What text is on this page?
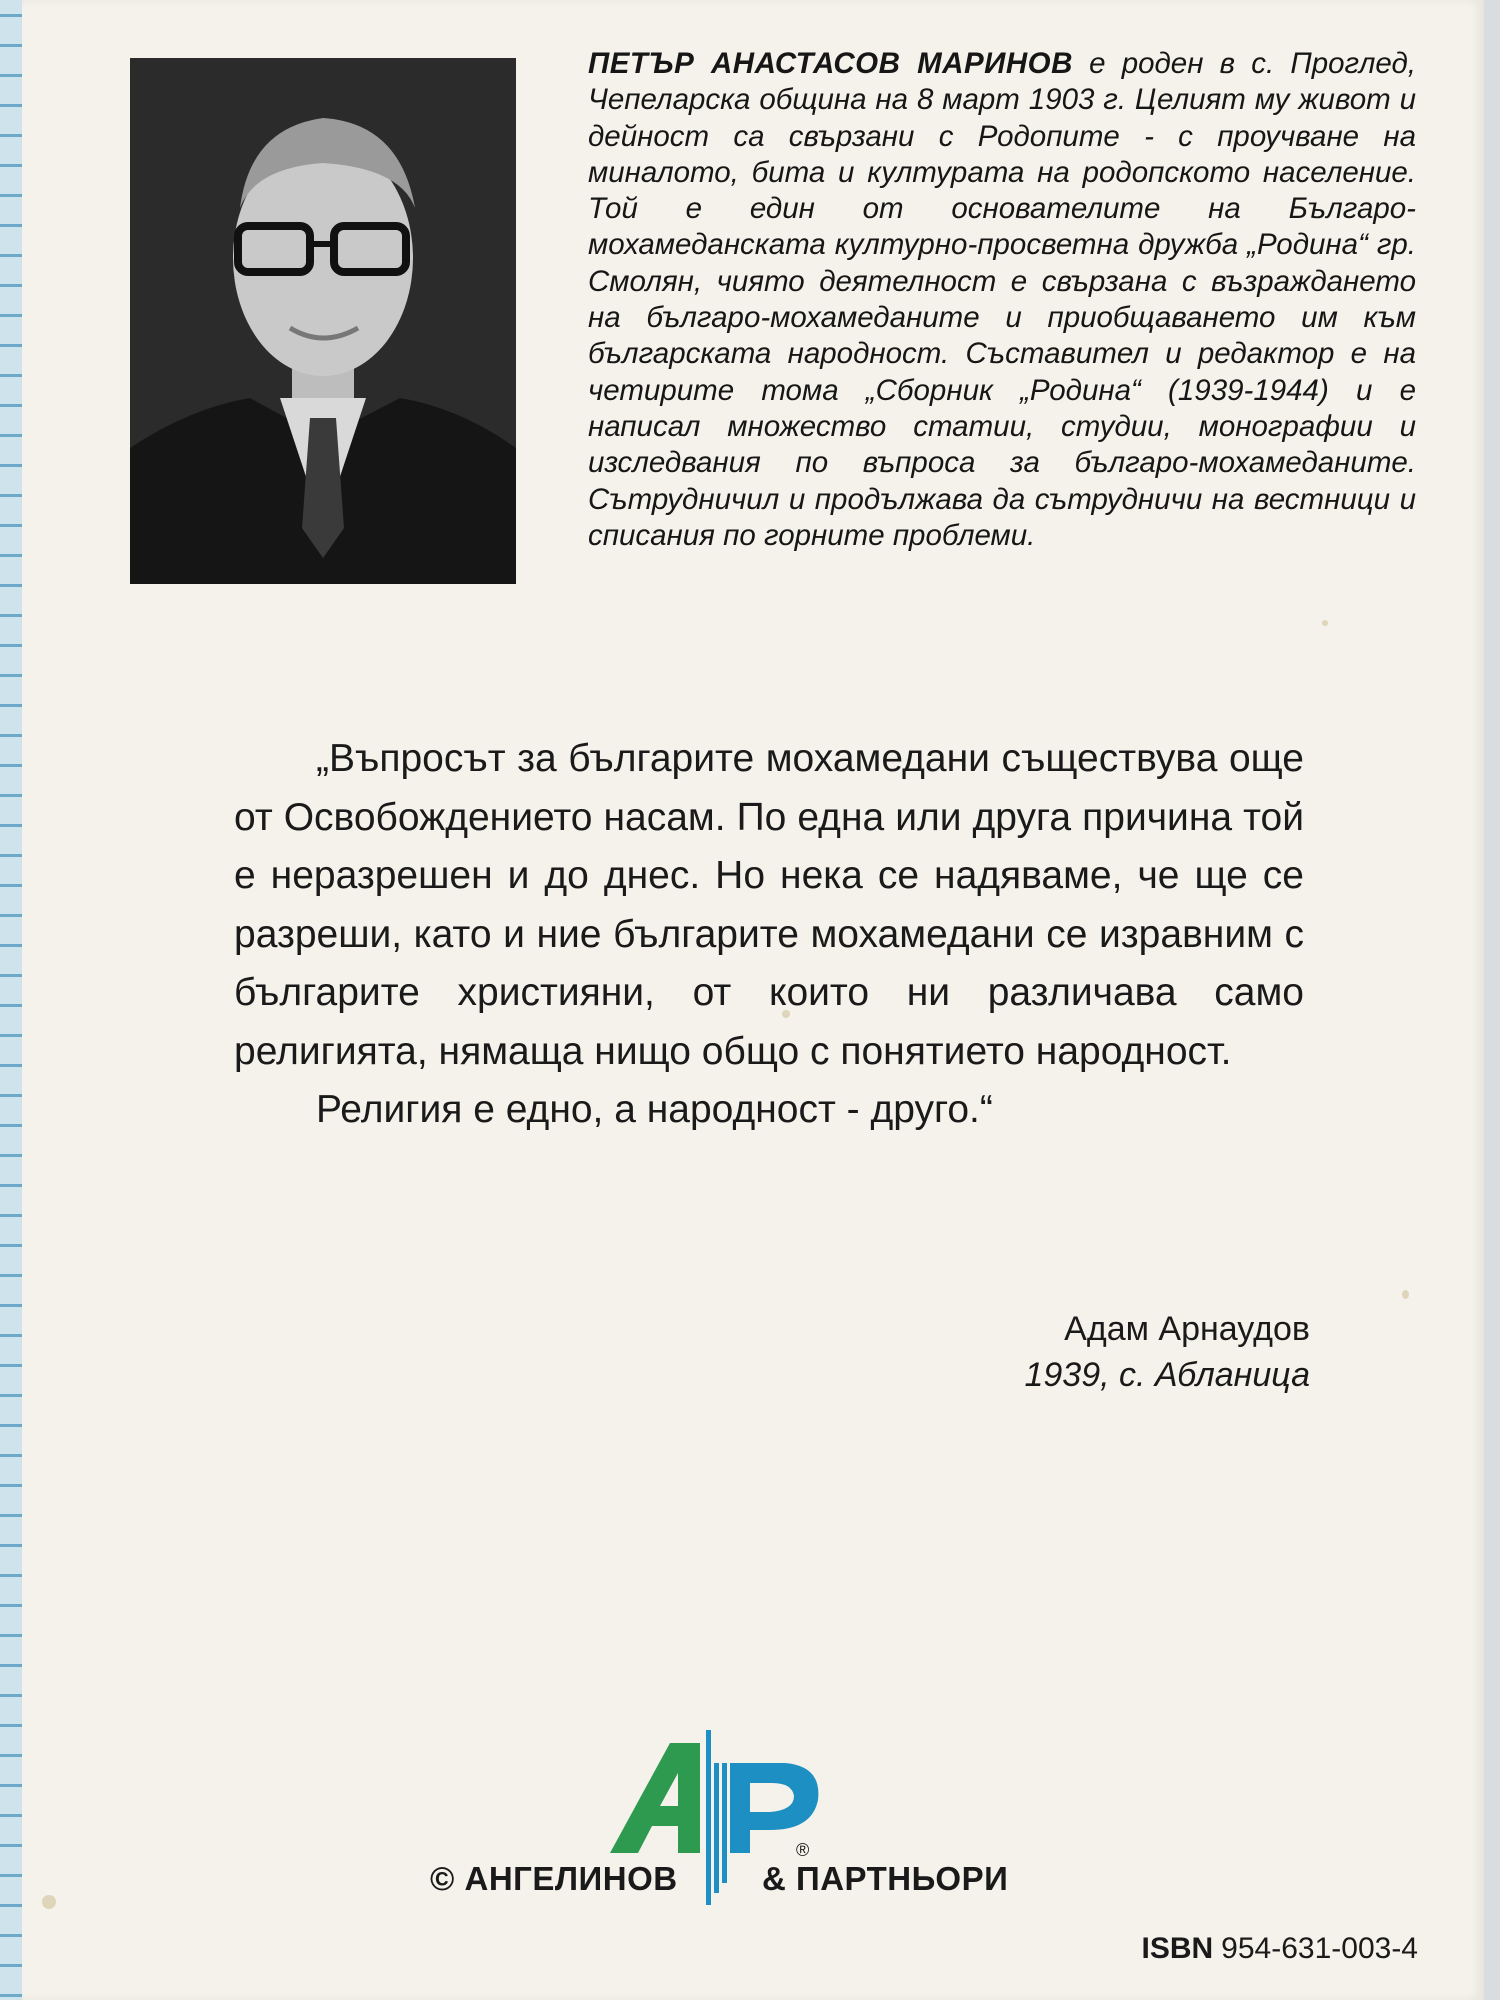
ПЕТЪР АНАСТАСОВ МАРИНОВ е роден в с. Проглед, Чепеларска община на 8 март 1903 г. Целият му живот и дейност са свързани с Родопите - с проучване на миналото, бита и културата на родопското население. Той е един от основателите на Българо-мохамеданската културно-просветна дружба „Родина“ гр. Смолян, чиято деятелност е свързана с възраждането на българо-мохамеданите и приобщаването им към българската народност. Съставител и редактор е на четирите тома „Сборник „Родина“ (1939-1944) и е написал множество статии, студии, монографии и изследвания по въпроса за българо-мохамеданите. Сътрудничил и продължава да сътрудничи на вестници и списания по горните проблеми.

„Въпросът за българите мохамедани съществува още от Освобождението насам. По една или друга причина той е неразрешен и до днес. Но нека се надяваме, че ще се разреши, като и ние българите мохамедани се изравним с българите християни, от които ни различава само религията, нямаща нищо общо с понятието народност.

Религия е едно, а народност - друго.“

Адам Арнаудов
1939, с. Абланица
© АНГЕЛИНОВ
®
& ПАРТНЬОРИ
ISBN 954-631-003-4
